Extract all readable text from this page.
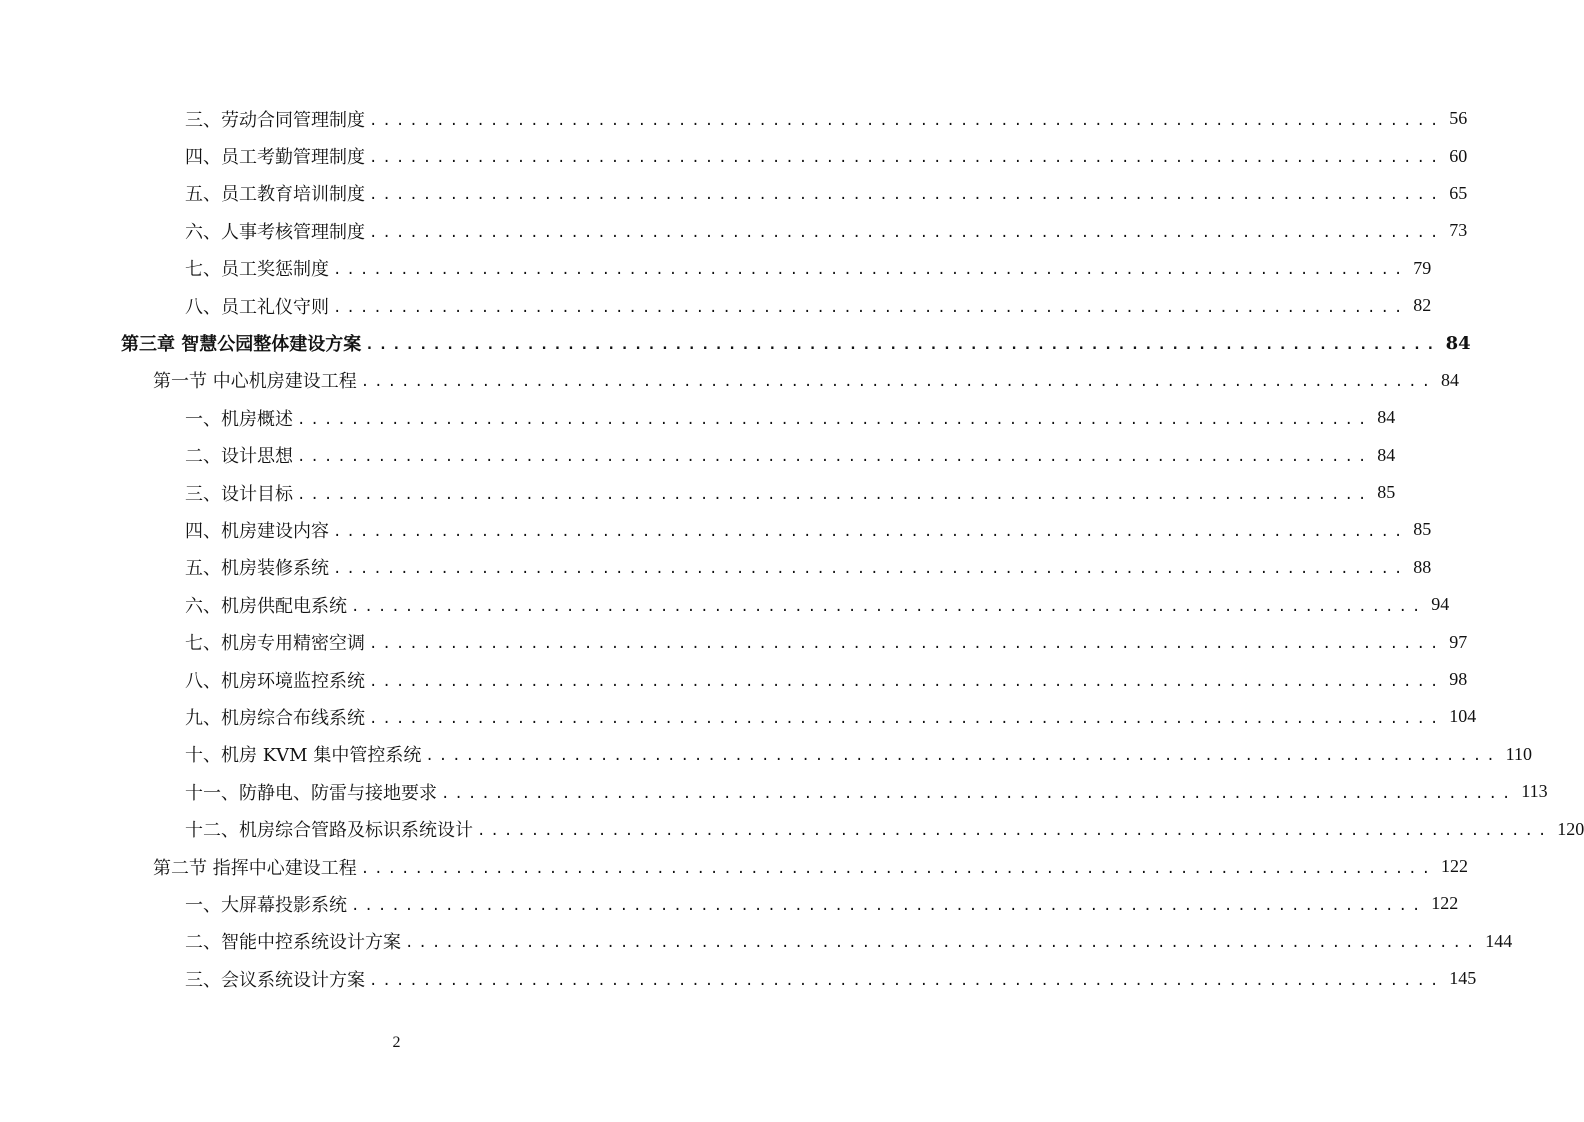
三、劳动合同管理制度 ................................................................................ 56
四、员工考勤管理制度 ................................................................................ 60
五、员工教育培训制度 ................................................................................ 65
六、人事考核管理制度 ................................................................................ 73
七、员工奖惩制度 ................................................................................ 79
八、员工礼仪守则 ................................................................................ 82
第三章 智慧公园整体建设方案 ................................................................................ 84
第一节 中心机房建设工程 ................................................................................ 84
一、机房概述 ................................................................................ 84
二、设计思想 ................................................................................ 84
三、设计目标 ................................................................................ 85
四、机房建设内容 ................................................................................ 85
五、机房装修系统 ................................................................................ 88
六、机房供配电系统 ................................................................................ 94
七、机房专用精密空调 ................................................................................ 97
八、机房环境监控系统 ................................................................................ 98
九、机房综合布线系统 ................................................................................ 104
十、机房 KVM 集中管控系统 ................................................................................ 110
十一、防静电、防雷与接地要求 ................................................................................ 113
十二、机房综合管路及标识系统设计 ................................................................................ 120
第二节 指挥中心建设工程 ................................................................................ 122
一、大屏幕投影系统 ................................................................................ 122
二、智能中控系统设计方案 ................................................................................ 144
三、会议系统设计方案 ................................................................................ 145
2
